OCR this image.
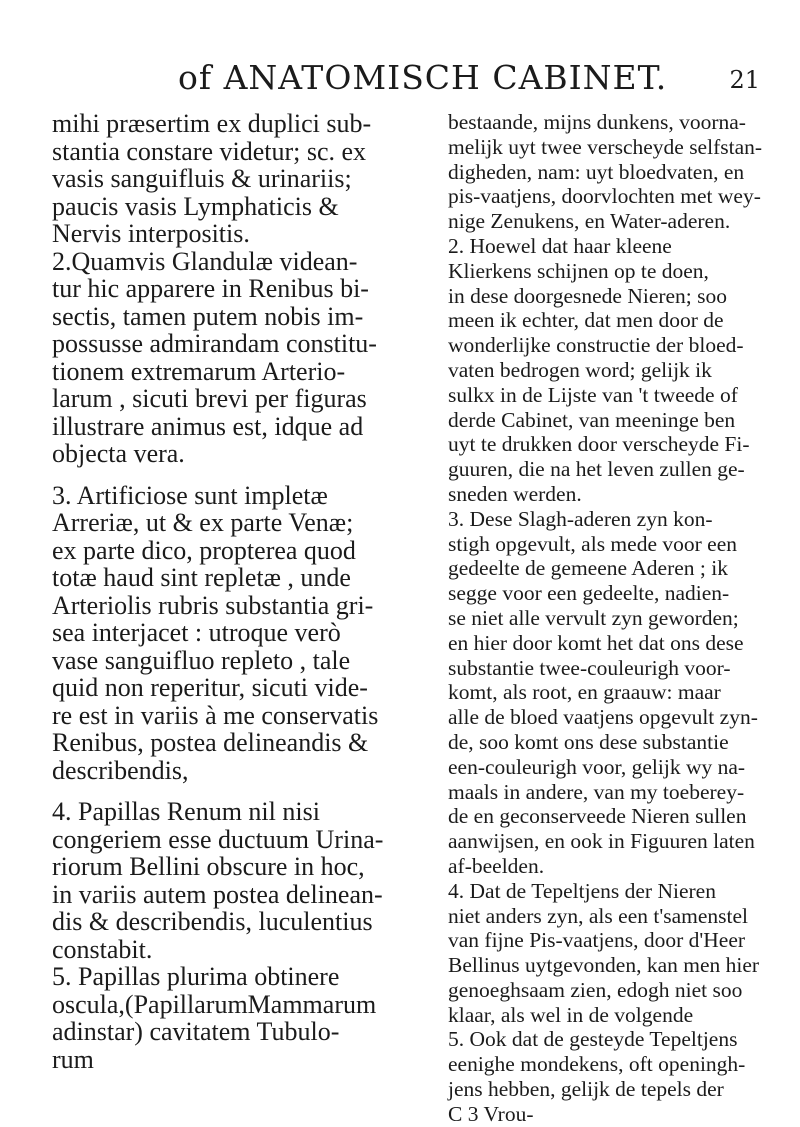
of ANATOMISCH CABINET.	21
mihi præsertim ex duplici sub-
stantia constare videtur; sc. ex
vasis sanguifluis & urinariis;
paucis vasis Lymphaticis &
Nervis interpositis.
2.Quamvis Glandulæ videan-
tur hic apparere in Renibus bi-
sectis, tamen putem nobis im-
possusse admirandam constitu-
tionem extremarum Arterio-
larum , sicuti brevi per figuras
illustrare animus est, idque ad
objecta vera.
3. Artificiose sunt impletæ
Arreriæ, ut & ex parte Venæ;
ex parte dico, propterea quod
totæ haud sint repletæ , unde
Arteriolis rubris substantia gri-
sea interjacet : utroque verò
vase sanguifluo repleto , tale
quid non reperitur, sicuti vide-
re est in variis à me conservatis
Renibus, postea delineandis &
describendis,
4. Papillas Renum nil nisi
congeriem esse ductuum Urina-
riorum Bellini obscure in hoc,
in variis autem postea delinean-
dis & describendis, luculentius
constabit.
5. Papillas plurima obtinere
osculа,(PapillarumMammarum
adinstar) cavitatem Tubulo-
rum
bestaande, mijns dunkens, voorna-
melijk uyt twee verscheyde selfstan-
digheden, nam: uyt bloedvaten, en
pis-vaatjens, doorvlochten met wey-
nige Zenukens, en Water-aderen.
2. Hoewel dat haar kleene
Klierkens schijnen op te doen,
in dese doorgesnede Nieren; soo
meen ik echter, dat men door de
wonderlijke constructie der bloed-
vaten bedrogen word; gelijk ik
sulkx in de Lijste van 't tweede of
derde Cabinet, van meeninge ben
uyt te drukken door verscheyde Fi-
guuren, die na het leven zullen ge-
sneden werden.
3. Dese Slagh-aderen zyn kon-
stigh opgevult, als mede voor een
gedeelte de gemeene Aderen ; ik
segge voor een gedeelte, nadien-
se niet alle vervult zyn geworden;
en hier door komt het dat ons dese
substantie twee-couleurigh voor-
komt, als root, en graauw: maar
alle de bloed vaatjens opgevult zyn-
de, soo komt ons dese substantie
een-couleurigh voor, gelijk wy na-
maals in andere, van my toeberey-
de en geconserveede Nieren sullen
aanwijsen, en ook in Figuuren laten
af-beelden.
4. Dat de Tepeltjens der Nieren
niet anders zyn, als een t'samenstel
van fijne Pis-vaatjens, door d'Heer
Bellinus uytgevonden, kan men hier
genoeghsaam zien, edogh niet soo
klaar, als wel in de volgende
5. Ook dat de gesteyde Tepeltjens
eenighe mondekens, oft openingh-
jens hebben, gelijk de tepels der
C 3 Vrou-
